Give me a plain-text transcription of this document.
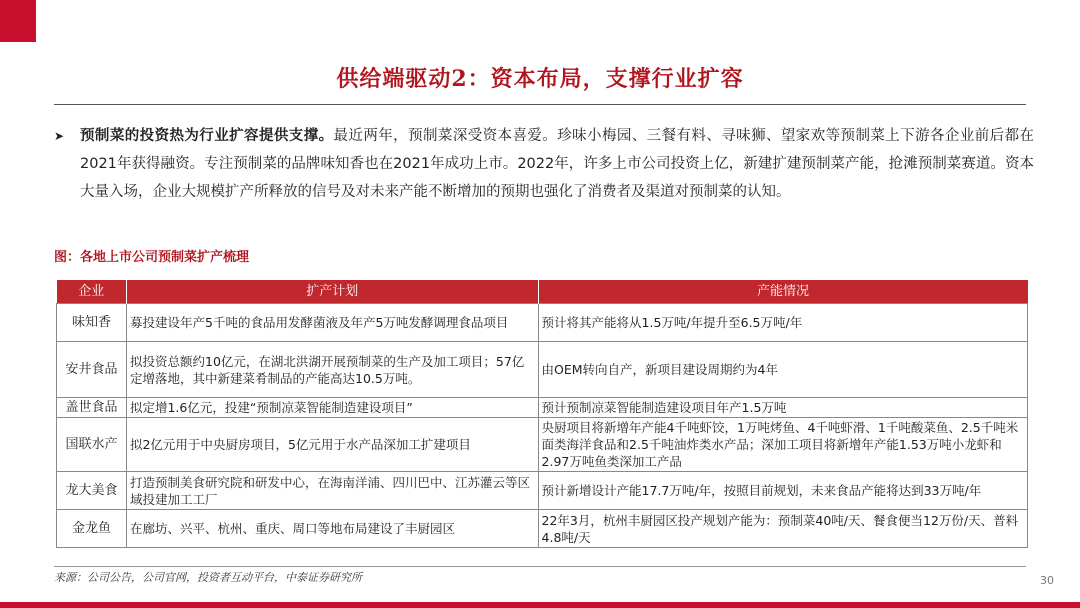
供给端驱动2：资本布局，支撑行业扩容
➤ 预制菜的投资热为行业扩容提供支撑。最近两年，预制菜深受资本喜爱。珍味小梅园、三餐有料、寻味狮、望家欢等预制菜上下游各企业前后都在2021年获得融资。专注预制菜的品牌味知香也在2021年成功上市。2022年，许多上市公司投资上亿，新建扩建预制菜产能，抢滩预制菜赛道。资本大量入场，企业大规模扩产所释放的信号及对未来产能不断增加的预期也强化了消费者及渠道对预制菜的认知。
图：各地上市公司预制菜扩产梳理
企业	扩产计划	产能情况
味知香	募投建设年产5千吨的食品用发酵菌液及年产5万吨发酵调理食品项目	预计将其产能将从1.5万吨/年提升至6.5万吨/年
安井食品	拟投资总额约10亿元，在湖北洪湖开展预制菜的生产及加工项目；57亿定增落地，其中新建菜肴制品的产能高达10.5万吨。	由OEM转向自产，新项目建设周期约为4年
盖世食品	拟定增1.6亿元，投建“预制凉菜智能制造建设项目”	预计预制凉菜智能制造建设项目年产1.5万吨
国联水产	拟2亿元用于中央厨房项目，5亿元用于水产品深加工扩建项目	央厨项目将新增年产能4千吨虾饺，1万吨烤鱼、4千吨虾滑、1千吨酸菜鱼、2.5千吨米面类海洋食品和2.5千吨油炸类水产品；深加工项目将新增年产能1.53万吨小龙虾和2.97万吨鱼类深加工产品
龙大美食	打造预制美食研究院和研发中心，在海南洋浦、四川巴中、江苏灌云等区域投建加工工厂	预计新增设计产能17.7万吨/年，按照目前规划，未来食品产能将达到33万吨/年
金龙鱼	在廊坊、兴平、杭州、重庆、周口等地布局建设了丰厨园区	22年3月，杭州丰厨园区投产规划产能为：预制菜40吨/天、餐食便当12万份/天、普料4.8吨/天
来源：公司公告，公司官网，投资者互动平台，中泰证券研究所	30
